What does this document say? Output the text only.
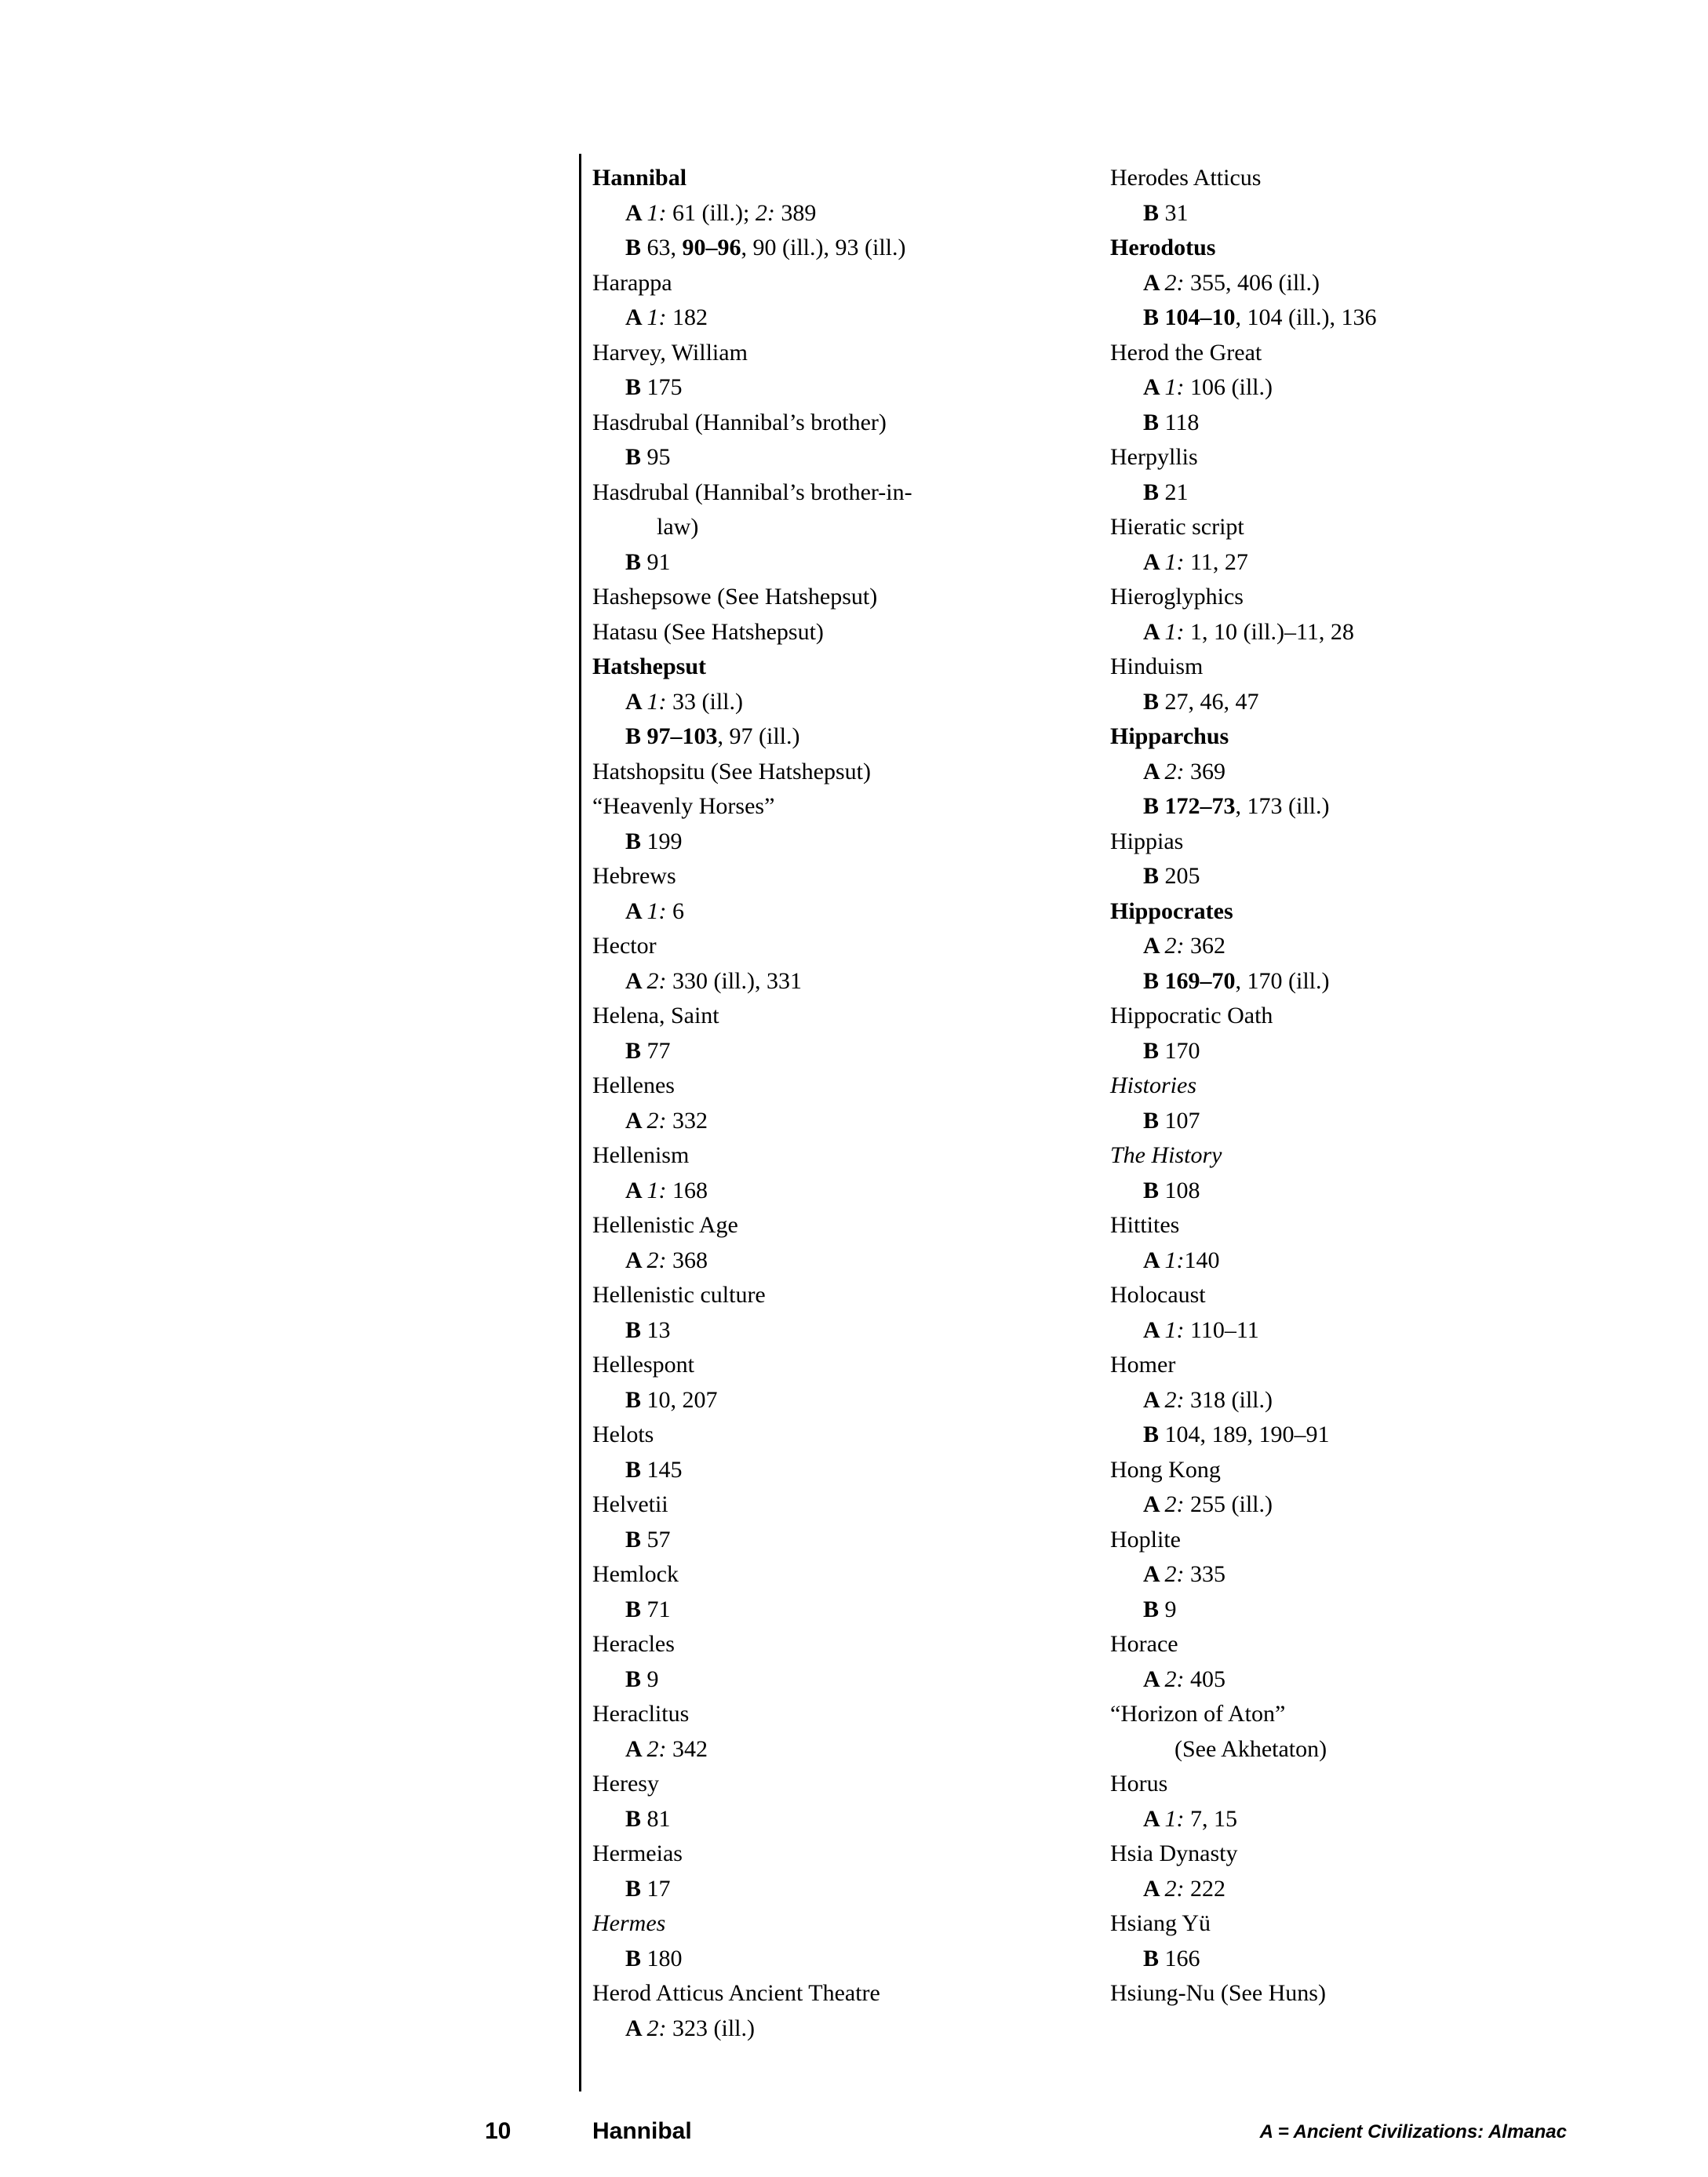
Hannibal
A 1: 61 (ill.); 2: 389
B 63, 90–96, 90 (ill.), 93 (ill.)
Harappa
A 1: 182
Harvey, William
B 175
Hasdrubal (Hannibal’s brother)
B 95
Hasdrubal (Hannibal’s brother-in-
law)
B 91
Hashepsowe (See Hatshepsut)
Hatasu (See Hatshepsut)
Hatshepsut
A 1: 33 (ill.)
B 97–103, 97 (ill.)
Hatshopsitu (See Hatshepsut)
“Heavenly Horses”
B 199
Hebrews
A 1: 6
Hector
A 2: 330 (ill.), 331
Helena, Saint
B 77
Hellenes
A 2: 332
Hellenism
A 1: 168
Hellenistic Age
A 2: 368
Hellenistic culture
B 13
Hellespont
B 10, 207
Helots
B 145
Helvetii
B 57
Hemlock
B 71
Heracles
B 9
Heraclitus
A 2: 342
Heresy
B 81
Hermeias
B 17
Hermes
B 180
Herod Atticus Ancient Theatre
A 2: 323 (ill.)
Herodes Atticus
B 31
Herodotus
A 2: 355, 406 (ill.)
B 104–10, 104 (ill.), 136
Herod the Great
A 1: 106 (ill.)
B 118
Herpyllis
B 21
Hieratic script
A 1: 11, 27
Hieroglyphics
A 1: 1, 10 (ill.)–11, 28
Hinduism
B 27, 46, 47
Hipparchus
A 2: 369
B 172–73, 173 (ill.)
Hippias
B 205
Hippocrates
A 2: 362
B 169–70, 170 (ill.)
Hippocratic Oath
B 170
Histories
B 107
The History
B 108
Hittites
A 1:140
Holocaust
A 1: 110–11
Homer
A 2: 318 (ill.)
B 104, 189, 190–91
Hong Kong
A 2: 255 (ill.)
Hoplite
A 2: 335
B 9
Horace
A 2: 405
“Horizon of Aton”
(See Akhetaton)
Horus
A 1: 7, 15
Hsia Dynasty
A 2: 222
Hsiang Yü
B 166
Hsiung-Nu (See Huns)
10	Hannibal	A = Ancient Civilizations: Almanac
